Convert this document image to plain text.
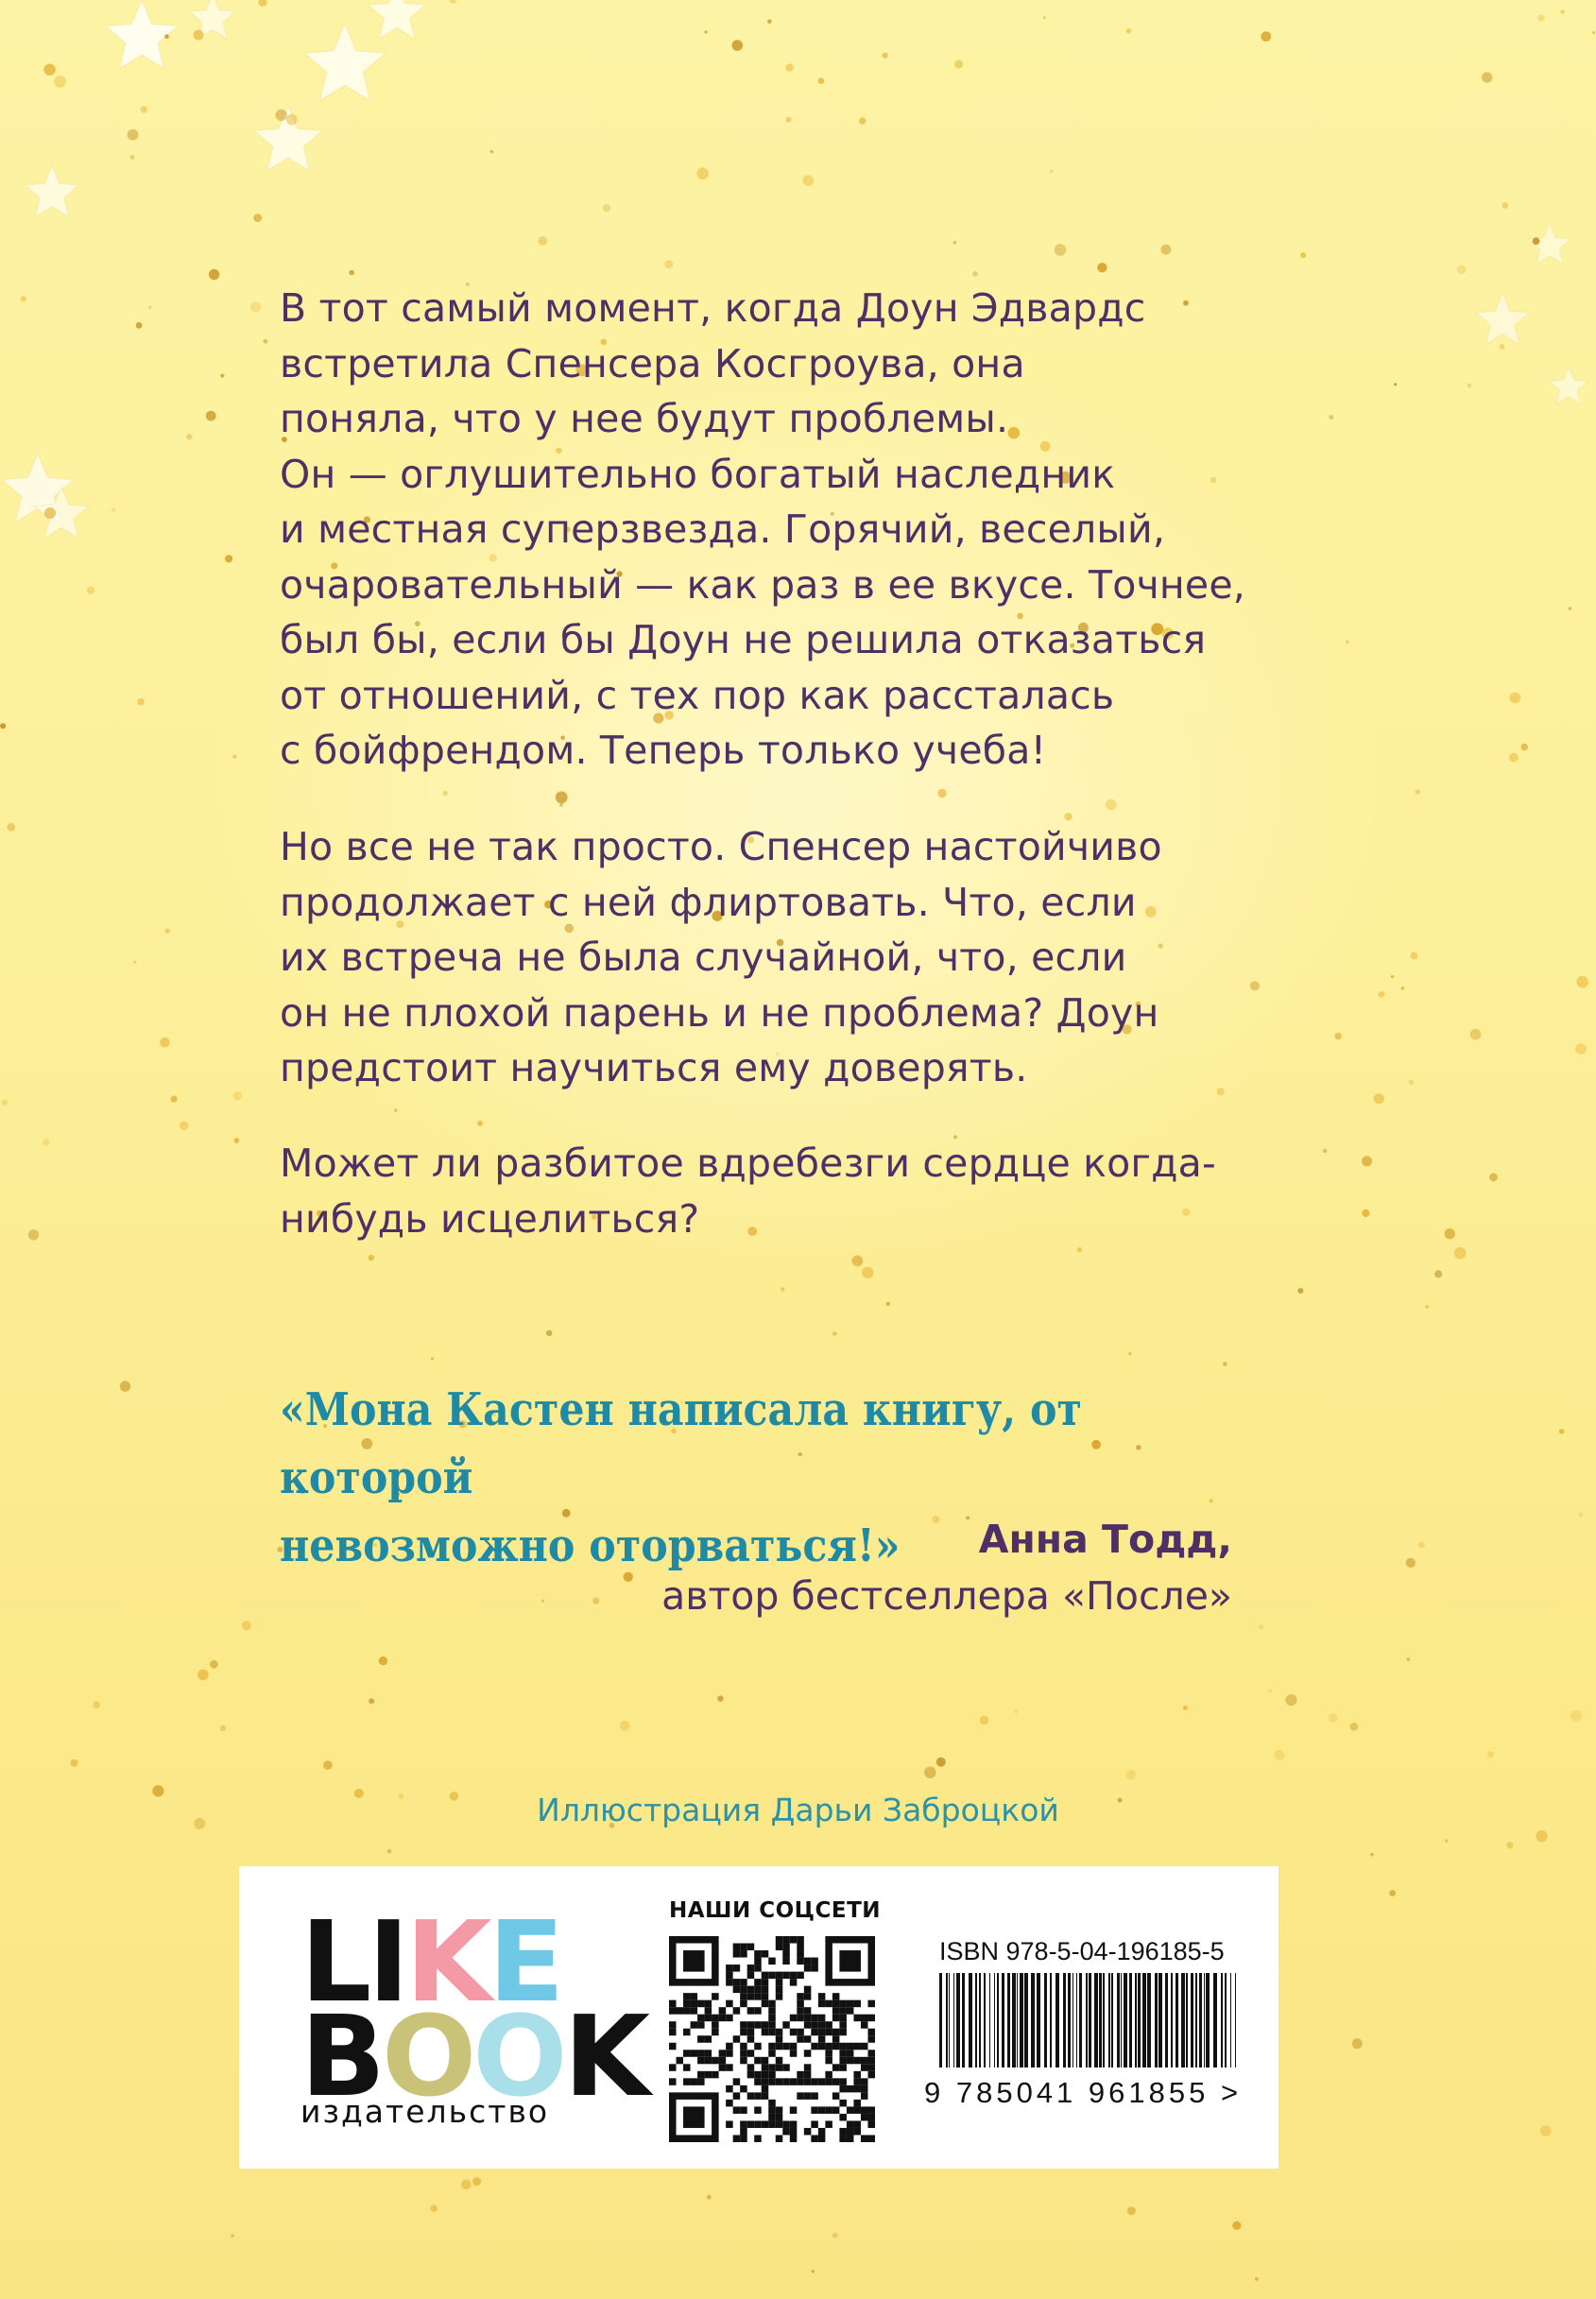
В тот самый момент, когда Доун Эдвардс
встретила Спенсера Косгроува, она
поняла, что у нее будут проблемы.
Он — оглушительно богатый наследник
и местная суперзвезда. Горячий, веселый,
очаровательный — как раз в ее вкусе. Точнее,
был бы, если бы Доун не решила отказаться
от отношений, с тех пор как рассталась
с бойфрендом. Теперь только учеба!

Но все не так просто. Спенсер настойчиво
продолжает с ней флиртовать. Что, если
их встреча не была случайной, что, если
он не плохой парень и не проблема? Доун
предстоит научиться ему доверять.

Может ли разбитое вдребезги сердце когда-
нибудь исцелиться?

«Мона Кастен написала книгу, от которой
невозможно оторваться!»	Анна Тодд,

автор бестселлера «После»

Иллюстрация Дарьи Заброцкой

L I K E
B O O K

издательство

НАШИ СОЦСЕТИ

ISBN 978-5-04-196185-5

9 785041 961855 >
